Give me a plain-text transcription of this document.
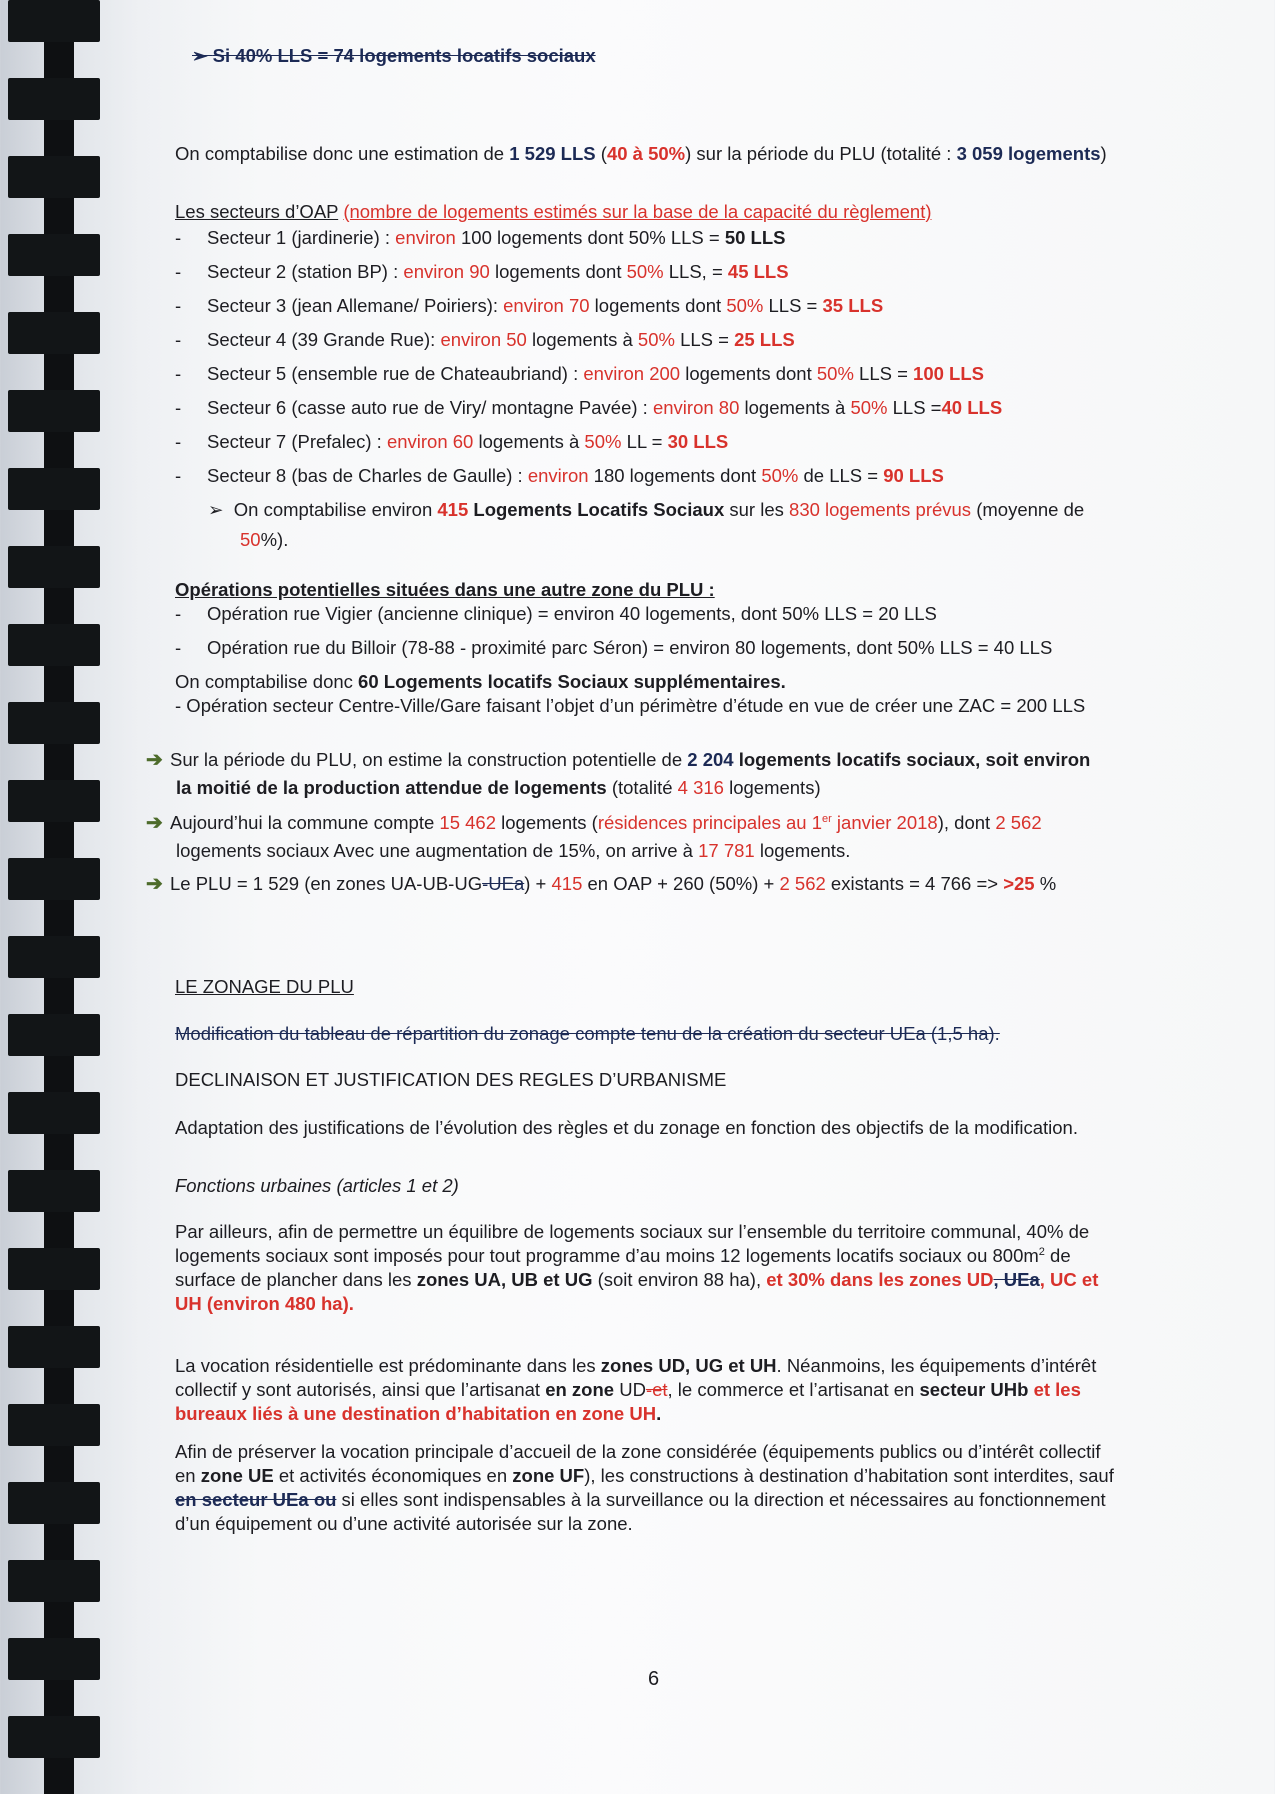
➢ Si 40% LLS = 74 logements locatifs sociaux
On comptabilise donc une estimation de 1 529 LLS (40 à 50%) sur la période du PLU (totalité : 3 059 logements)
Les secteurs d’OAP (nombre de logements estimés sur la base de la capacité du règlement)
- Secteur 1 (jardinerie) : environ 100 logements dont 50% LLS = 50 LLS
- Secteur 2 (station BP) : environ 90 logements dont 50% LLS, = 45 LLS
- Secteur 3 (jean Allemane/ Poiriers): environ 70 logements dont 50% LLS = 35 LLS
- Secteur 4 (39 Grande Rue): environ 50 logements à 50% LLS = 25 LLS
- Secteur 5 (ensemble rue de Chateaubriand) : environ 200 logements dont 50% LLS = 100 LLS
- Secteur 6 (casse auto rue de Viry/ montagne Pavée) : environ 80 logements à 50% LLS =40 LLS
- Secteur 7 (Prefalec) : environ 60 logements à 50% LL = 30 LLS
- Secteur 8 (bas de Charles de Gaulle) : environ 180 logements dont 50% de LLS = 90 LLS
➢  On comptabilise environ 415 Logements Locatifs Sociaux sur les 830 logements prévus (moyenne de
50%).
Opérations potentielles situées dans une autre zone du PLU :
- Opération rue Vigier (ancienne clinique) = environ 40 logements, dont 50% LLS = 20 LLS
- Opération rue du Billoir (78-88 - proximité parc Séron) = environ 80 logements, dont 50% LLS = 40 LLS
On comptabilise donc 60 Logements locatifs Sociaux supplémentaires.
- Opération secteur Centre-Ville/Gare faisant l’objet d’un périmètre d’étude en vue de créer une ZAC = 200 LLS
➔ Sur la période du PLU, on estime la construction potentielle de 2 204 logements locatifs sociaux, soit environ
la moitié de la production attendue de logements (totalité 4 316 logements)
➔ Aujourd’hui la commune compte 15 462 logements (résidences principales au 1er janvier 2018), dont 2 562
logements sociaux Avec une augmentation de 15%, on arrive à 17 781 logements.
➔ Le PLU = 1 529 (en zones UA-UB-UG-UEa) + 415 en OAP + 260 (50%) + 2 562 existants = 4 766 => >25 %
LE ZONAGE DU PLU
Modification du tableau de répartition du zonage compte tenu de la création du secteur UEa (1,5 ha).
DECLINAISON ET JUSTIFICATION DES REGLES D’URBANISME
Adaptation des justifications de l’évolution des règles et du zonage en fonction des objectifs de la modification.
Fonctions urbaines (articles 1 et 2)
Par ailleurs, afin de permettre un équilibre de logements sociaux sur l’ensemble du territoire communal, 40% de
logements sociaux sont imposés pour tout programme d’au moins 12 logements locatifs sociaux ou $800m^2$ de
surface de plancher dans les zones UA, UB et UG (soit environ 88 ha), et 30% dans les zones UD, UEa, UC et
UH (environ 480 ha).
La vocation résidentielle est prédominante dans les zones UD, UG et UH. Néanmoins, les équipements d’intérêt
collectif y sont autorisés, ainsi que l’artisanat en zone UD-et, le commerce et l’artisanat en secteur UHb et les
bureaux liés à une destination d’habitation en zone UH.
Afin de préserver la vocation principale d’accueil de la zone considérée (équipements publics ou d’intérêt collectif
en zone UE et activités économiques en zone UF), les constructions à destination d’habitation sont interdites, sauf
en secteur UEa ou si elles sont indispensables à la surveillance ou la direction et nécessaires au fonctionnement
d’un équipement ou d’une activité autorisée sur la zone.
6
